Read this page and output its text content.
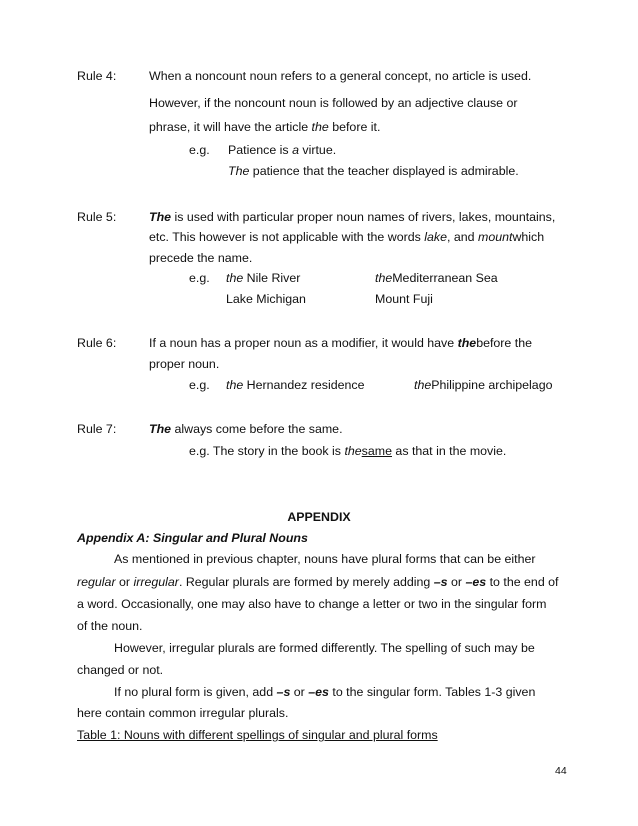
Rule 4:	When a noncount noun refers to a general concept, no article is used.
However, if the noncount noun is followed by an adjective clause or
phrase, it will have the article the before it.
e.g. Patience is a virtue.
The patience that the teacher displayed is admirable.
Rule 5:	The is used with particular proper noun names of rivers, lakes, mountains,
etc. This however is not applicable with the words lake, and mountwhich
precede the name.
e.g. the Nile River	theMediterranean Sea
Lake Michigan	Mount Fuji
Rule 6:	If a noun has a proper noun as a modifier, it would have thebefore the
proper noun.
e.g. the Hernandez residence	thePhilippine archipelago
Rule 7:	The always come before the same.
e.g. The story in the book is thesame as that in the movie.
APPENDIX
Appendix A: Singular and Plural Nouns
As mentioned in previous chapter, nouns have plural forms that can be either
regular or irregular. Regular plurals are formed by merely adding –s or –es to the end of
a word. Occasionally, one may also have to change a letter or two in the singular form
of the noun.
However, irregular plurals are formed differently. The spelling of such may be
changed or not.
If no plural form is given, add –s or –es to the singular form. Tables 1-3 given
here contain common irregular plurals.
Table 1: Nouns with different spellings of singular and plural forms
44
